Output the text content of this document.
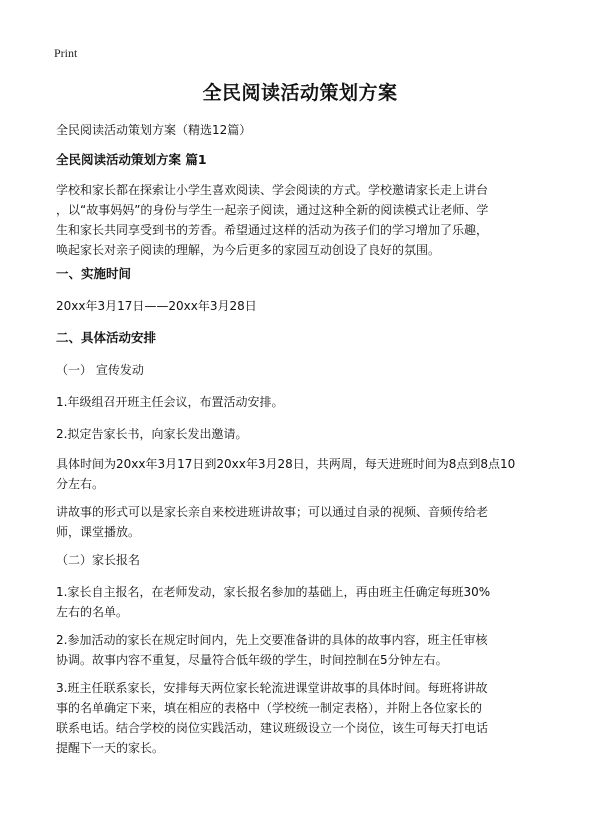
Print
全民阅读活动策划方案

全民阅读活动策划方案（精选12篇）

全民阅读活动策划方案 篇1

学校和家长都在探索让小学生喜欢阅读、学会阅读的方式。学校邀请家长走上讲台

，以“故事妈妈”的身份与学生一起亲子阅读，通过这种全新的阅读模式让老师、学

生和家长共同享受到书的芳香。希望通过这样的活动为孩子们的学习增加了乐趣，

唤起家长对亲子阅读的理解，为今后更多的家园互动创设了良好的氛围。

一、实施时间

20xx年3月17日——20xx年3月28日

二、具体活动安排

（一） 宣传发动

1.年级组召开班主任会议，布置活动安排。

2.拟定告家长书，向家长发出邀请。

具体时间为20xx年3月17日到20xx年3月28日，共两周，每天进班时间为8点到8点10

分左右。

讲故事的形式可以是家长亲自来校进班讲故事；可以通过自录的视频、音频传给老

师，课堂播放。

（二）家长报名

1.家长自主报名，在老师发动，家长报名参加的基础上，再由班主任确定每班30%

左右的名单。

2.参加活动的家长在规定时间内，先上交要准备讲的具体的故事内容，班主任审核

协调。故事内容不重复，尽量符合低年级的学生，时间控制在5分钟左右。

3.班主任联系家长，安排每天两位家长轮流进课堂讲故事的具体时间。每班将讲故

事的名单确定下来，填在相应的表格中（学校统一制定表格），并附上各位家长的

联系电话。结合学校的岗位实践活动，建议班级设立一个岗位，该生可每天打电话

提醒下一天的家长。
